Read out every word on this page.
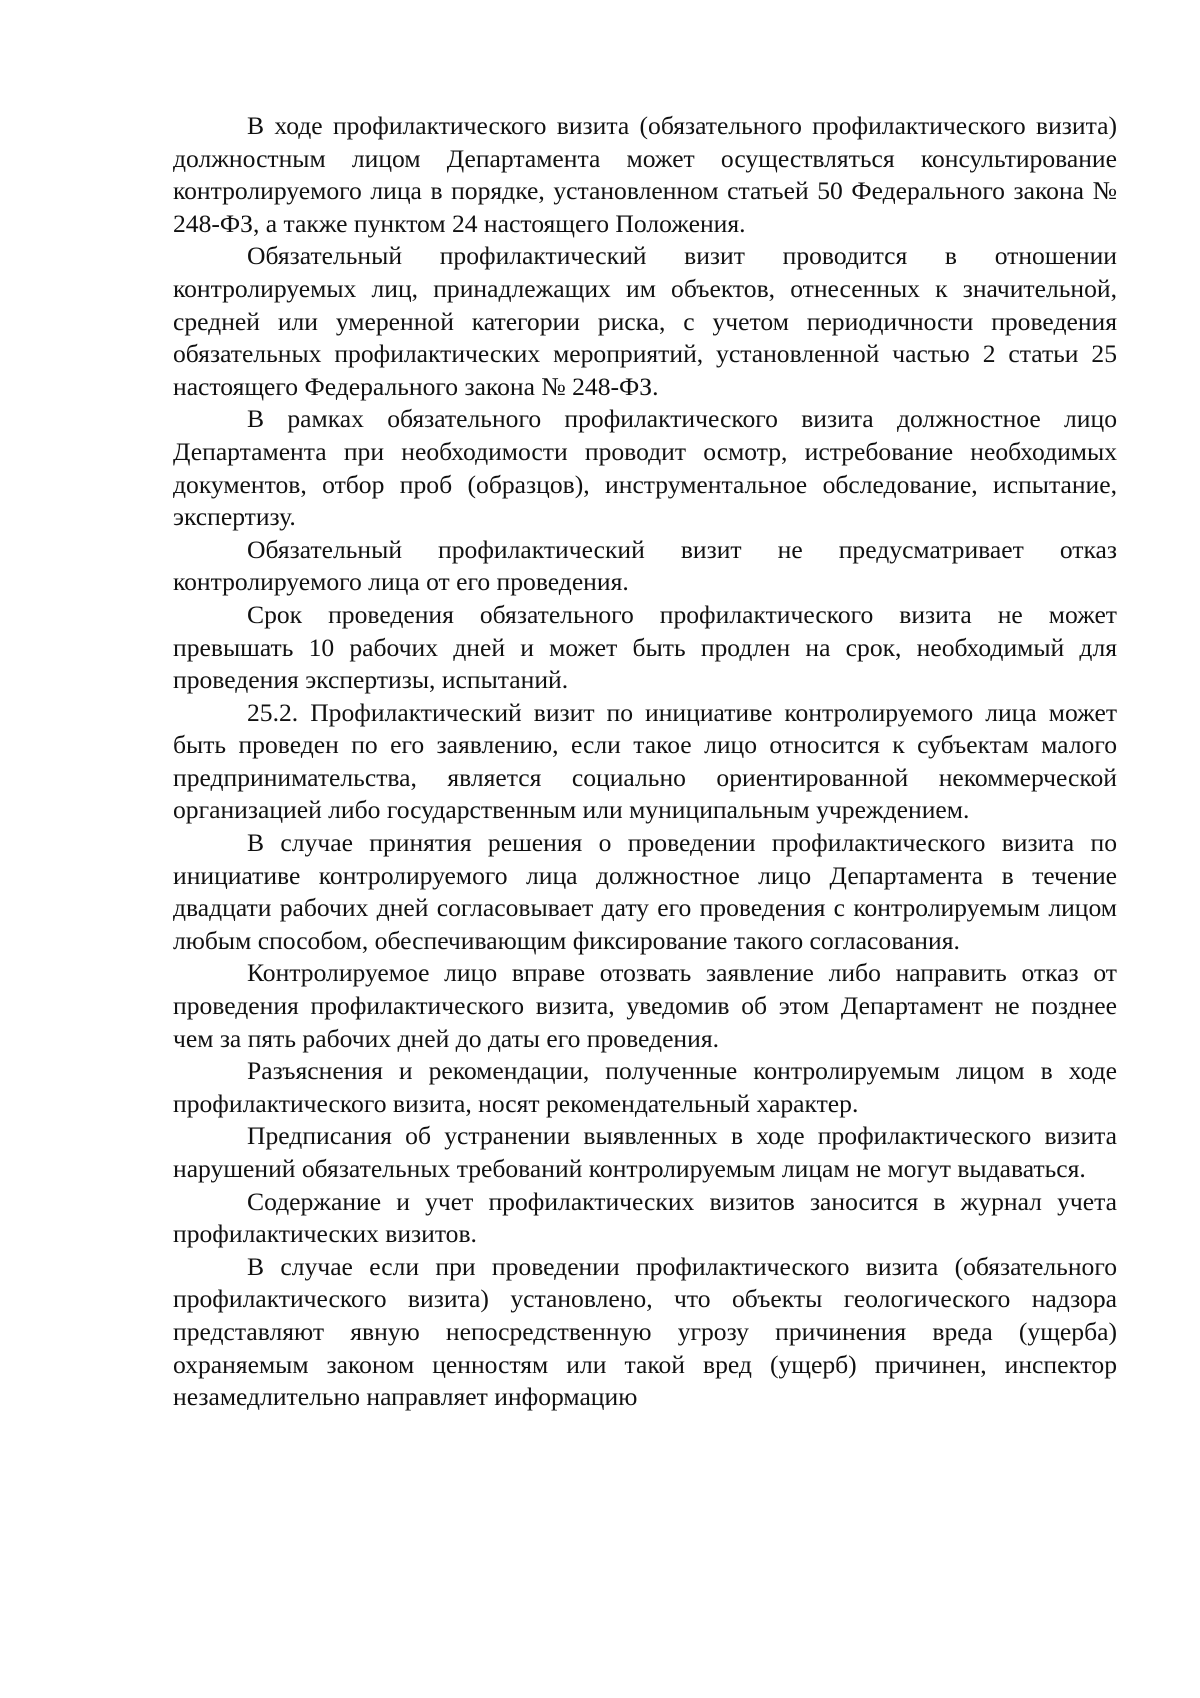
В ходе профилактического визита (обязательного профилактического визита) должностным лицом Департамента может осуществляться консультирование контролируемого лица в порядке, установленном статьей 50 Федерального закона № 248-ФЗ, а также пунктом 24 настоящего Положения.

Обязательный профилактический визит проводится в отношении контролируемых лиц, принадлежащих им объектов, отнесенных к значительной, средней или умеренной категории риска, с учетом периодичности проведения обязательных профилактических мероприятий, установленной частью 2 статьи 25 настоящего Федерального закона № 248-ФЗ.

В рамках обязательного профилактического визита должностное лицо Департамента при необходимости проводит осмотр, истребование необходимых документов, отбор проб (образцов), инструментальное обследование, испытание, экспертизу.

Обязательный профилактический визит не предусматривает отказ контролируемого лица от его проведения.

Срок проведения обязательного профилактического визита не может превышать 10 рабочих дней и может быть продлен на срок, необходимый для проведения экспертизы, испытаний.

25.2. Профилактический визит по инициативе контролируемого лица может быть проведен по его заявлению, если такое лицо относится к субъектам малого предпринимательства, является социально ориентированной некоммерческой организацией либо государственным или муниципальным учреждением.

В случае принятия решения о проведении профилактического визита по инициативе контролируемого лица должностное лицо Департамента в течение двадцати рабочих дней согласовывает дату его проведения с контролируемым лицом любым способом, обеспечивающим фиксирование такого согласования.

Контролируемое лицо вправе отозвать заявление либо направить отказ от проведения профилактического визита, уведомив об этом Департамент не позднее чем за пять рабочих дней до даты его проведения.

Разъяснения и рекомендации, полученные контролируемым лицом в ходе профилактического визита, носят рекомендательный характер.

Предписания об устранении выявленных в ходе профилактического визита нарушений обязательных требований контролируемым лицам не могут выдаваться.

Содержание и учет профилактических визитов заносится в журнал учета профилактических визитов.

В случае если при проведении профилактического визита (обязательного профилактического визита) установлено, что объекты геологического надзора представляют явную непосредственную угрозу причинения вреда (ущерба) охраняемым законом ценностям или такой вред (ущерб) причинен, инспектор незамедлительно направляет информацию
